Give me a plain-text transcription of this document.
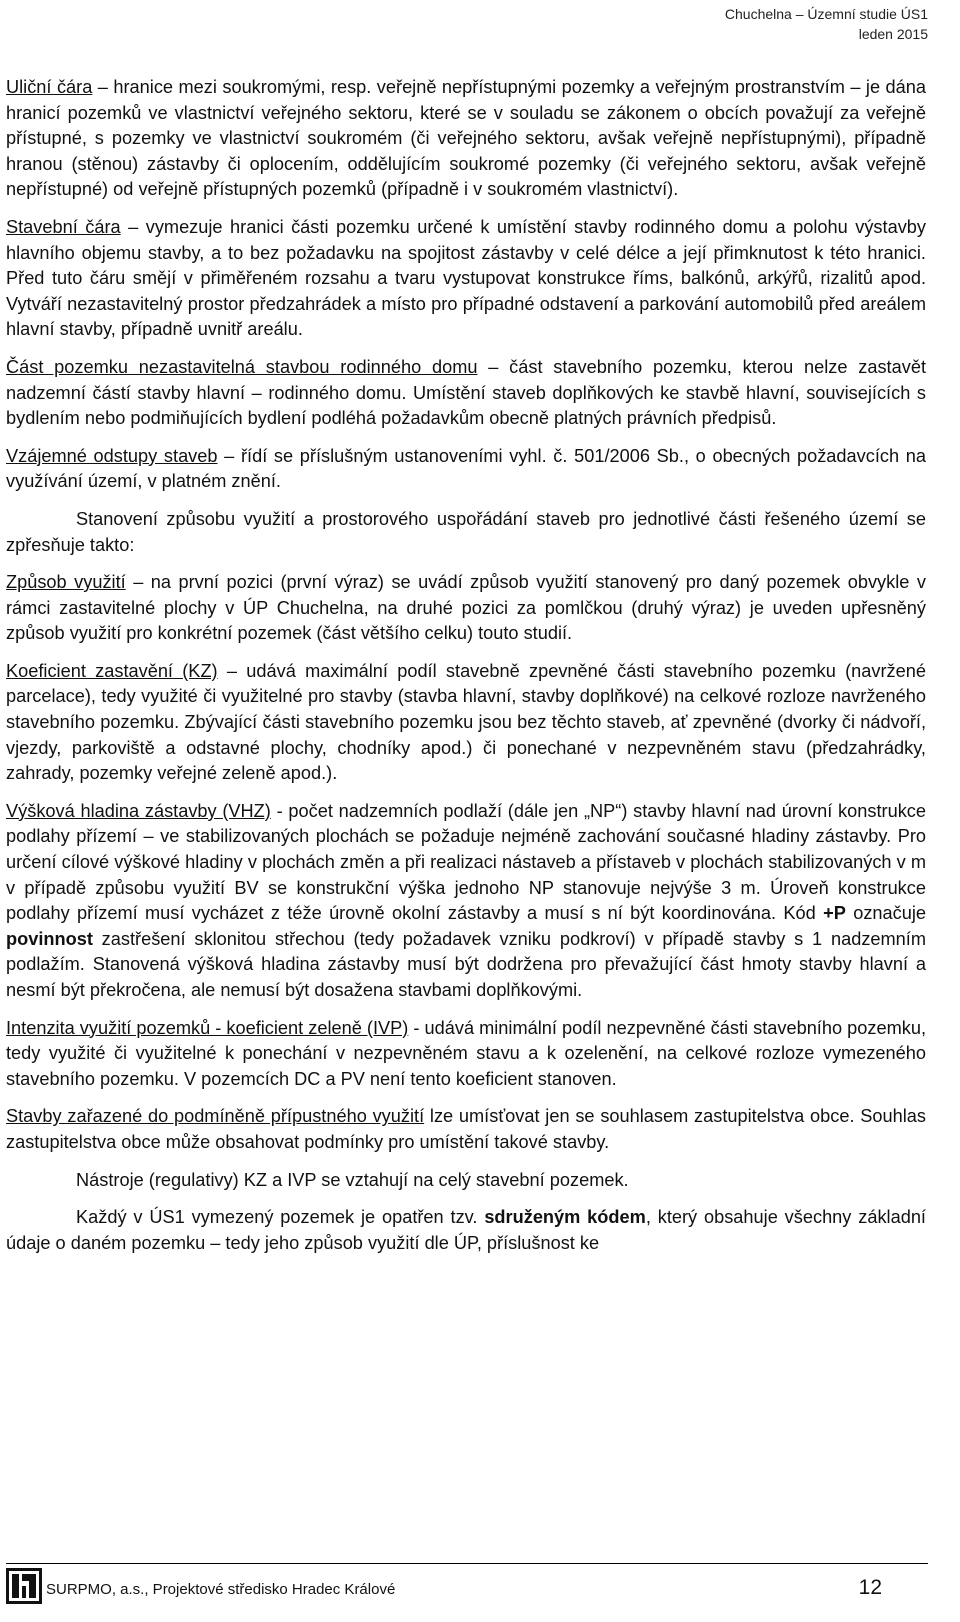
Chuchelna – Územní studie ÚS1
leden 2015

Uliční čára – hranice mezi soukromými, resp. veřejně nepřístupnými pozemky a veřejným prostranstvím – je dána hranicí pozemků ve vlastnictví veřejného sektoru, které se v souladu se zákonem o obcích považují za veřejně přístupné, s pozemky ve vlastnictví soukromém (či veřejného sektoru, avšak veřejně nepřístupnými), případně hranou (stěnou) zástavby či oplocením, oddělujícím soukromé pozemky (či veřejného sektoru, avšak veřejně nepřístupné) od veřejně přístupných pozemků (případně i v soukromém vlastnictví).

Stavební čára – vymezuje hranici části pozemku určené k umístění stavby rodinného domu a polohu výstavby hlavního objemu stavby, a to bez požadavku na spojitost zástavby v celé délce a její přimknutost k této hranici. Před tuto čáru smějí v přiměřeném rozsahu a tvaru vystupovat konstrukce říms, balkónů, arkýřů, rizalitů apod. Vytváří nezastavitelný prostor předzahrádek a místo pro případné odstavení a parkování automobilů před areálem hlavní stavby, případně uvnitř areálu.

Část pozemku nezastavitelná stavbou rodinného domu – část stavebního pozemku, kterou nelze zastavět nadzemní částí stavby hlavní – rodinného domu. Umístění staveb doplňkových ke stavbě hlavní, souvisejících s bydlením nebo podmiňujících bydlení podléhá požadavkům obecně platných právních předpisů.

Vzájemné odstupy staveb – řídí se příslušným ustanoveními vyhl. č. 501/2006 Sb., o obecných požadavcích na využívání území, v platném znění.

Stanovení způsobu využití a prostorového uspořádání staveb pro jednotlivé části řešeného území se zpřesňuje takto:

Způsob využití – na první pozici (první výraz) se uvádí způsob využití stanovený pro daný pozemek obvykle v rámci zastavitelné plochy v ÚP Chuchelna, na druhé pozici za pomlčkou (druhý výraz) je uveden upřesněný způsob využití pro konkrétní pozemek (část většího celku) touto studií.

Koeficient zastavění (KZ) – udává maximální podíl stavebně zpevněné části stavebního pozemku (navržené parcelace), tedy využité či využitelné pro stavby (stavba hlavní, stavby doplňkové) na celkové rozloze navrženého stavebního pozemku. Zbývající části stavebního pozemku jsou bez těchto staveb, ať zpevněné (dvorky či nádvoří, vjezdy, parkoviště a odstavné plochy, chodníky apod.) či ponechané v nezpevněném stavu (předzahrádky, zahrady, pozemky veřejné zeleně apod.).

Výšková hladina zástavby (VHZ) - počet nadzemních podlaží (dále jen „NP“) stavby hlavní nad úrovní konstrukce podlahy přízemí – ve stabilizovaných plochách se požaduje nejméně zachování současné hladiny zástavby. Pro určení cílové výškové hladiny v plochách změn a při realizaci nástaveb a přístaveb v plochách stabilizovaných v m v případě způsobu využití BV se konstrukční výška jednoho NP stanovuje nejvýše 3 m. Úroveň konstrukce podlahy přízemí musí vycházet z téže úrovně okolní zástavby a musí s ní být koordinována. Kód +P označuje povinnost zastřešení sklonitou střechou (tedy požadavek vzniku podkroví) v případě stavby s 1 nadzemním podlažím. Stanovená výšková hladina zástavby musí být dodržena pro převažující část hmoty stavby hlavní a nesmí být překročena, ale nemusí být dosažena stavbami doplňkovými.

Intenzita využití pozemků - koeficient zeleně (IVP) - udává minimální podíl nezpevněné části stavebního pozemku, tedy využité či využitelné k ponechání v nezpevněném stavu a k ozelenění, na celkové rozloze vymezeného stavebního pozemku. V pozemcích DC a PV není tento koeficient stanoven.

Stavby zařazené do podmíněně přípustného využití lze umísťovat jen se souhlasem zastupitelstva obce. Souhlas zastupitelstva obce může obsahovat podmínky pro umístění takové stavby.

Nástroje (regulativy) KZ a IVP se vztahují na celý stavební pozemek.

Každý v ÚS1 vymezený pozemek je opatřen tzv. sdruženým kódem, který obsahuje všechny základní údaje o daném pozemku – tedy jeho způsob využití dle ÚP, příslušnost ke

SURPMO, a.s., Projektové středisko Hradec Králové	12
